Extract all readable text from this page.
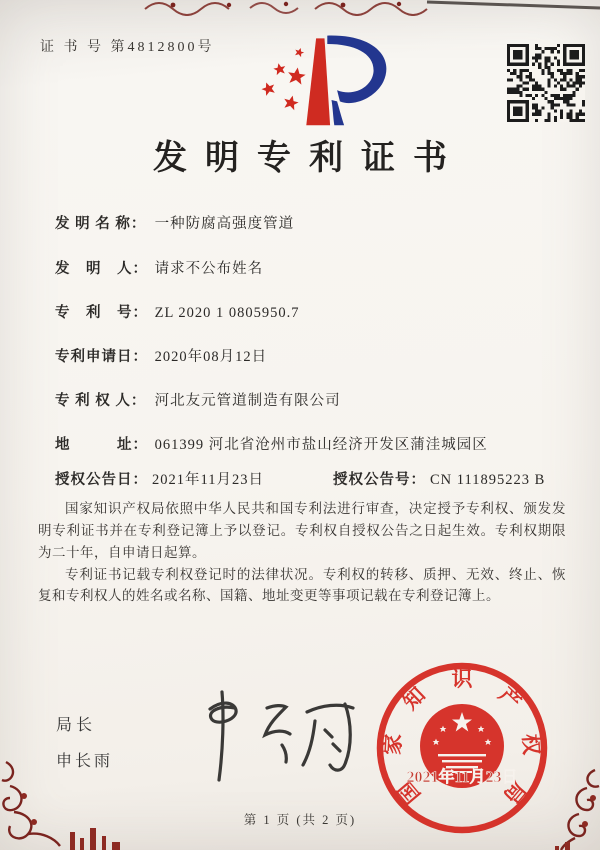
证 书 号 第4812800号
发明专利证书
发 明 名 称： 一种防腐高强度管道
发　明　人： 请求不公布姓名
专　利　号： ZL 2020 1 0805950.7
专利申请日： 2020年08月12日
专 利 权 人： 河北友元管道制造有限公司
地　　　址： 061399 河北省沧州市盐山经济开发区蒲洼城园区
授权公告日： 2021年11月23日	授权公告号： CN 111895223 B

国家知识产权局依照中华人民共和国专利法进行审查，决定授予专利权、颁发发明专利证书并在专利登记簿上予以登记。专利权自授权公告之日起生效。专利权期限为二十年，自申请日起算。

专利证书记载专利权登记时的法律状况。专利权的转移、质押、无效、终止、恢复和专利权人的姓名或名称、国籍、地址变更等事项记载在专利登记簿上。

局长
申长雨
国
家
知
识
产
权
局
2021年11月23日
第 1 页 (共 2 页)
